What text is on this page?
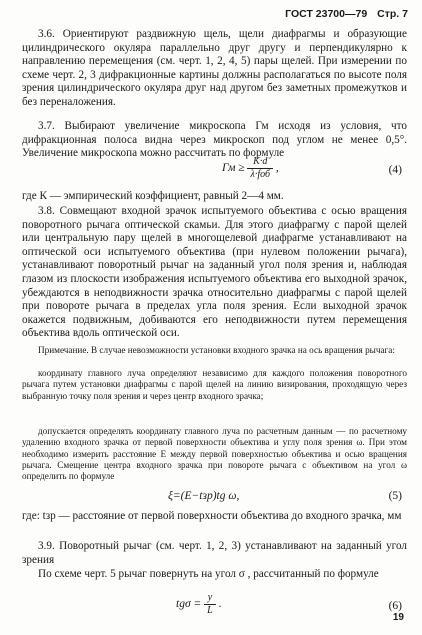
ГОСТ 23700—79 Стр. 7
3.6. Ориентируют раздвижную щель, щели диафрагмы и образующие цилиндрического окуляра параллельно друг другу и перпендикулярно к направлению перемещения (см. черт. 1, 2, 4, 5) пары щелей. При измерении по схеме черт. 2, 3 дифракционные картины должны располагаться по высоте поля зрения цилиндрического окуляра друг над другом без заметных промежутков и без переналожения.
3.7. Выбирают увеличение микроскопа Гм исходя из условия, что дифракционная полоса видна через микроскоп под углом не менее 0,5°. Увеличение микроскопа можно рассчитать по формуле
Гм ≥ $\frac{K\cdot d}{\text{λ·fоб}}$ ,	(4)
где К — эмпирический коэффициент, равный 2—4 мм.
3.8. Совмещают входной зрачок испытуемого объектива с осью вращения поворотного рычага оптической скамьи. Для этого диафрагму с парой щелей или центральную пару щелей в многощелевой диафрагме устанавливают на оптической оси испытуемого объектива (при нулевом положении рычага), устанавливают поворотный рычаг на заданный угол поля зрения и, наблюдая глазом из плоскости изображения испытуемого объектива его выходной зрачок, убеждаются в неподвижности зрачка относительно диафрагмы с парой щелей при повороте рычага в пределах угла поля зрения. Если выходной зрачок окажется подвижным, добиваются его неподвижности путем перемещения объектива вдоль оптической оси.
Примечание. В случае невозможности установки входного зрачка на ось вращения рычага:
координату главного луча определяют независимо для каждого положения поворотного рычага путем установки диафрагмы с парой щелей на линию визирования, проходящую через выбранную точку поля зрения и через центр входного зрачка;
допускается определять координату главного луча по расчетным данным — по расчетному удалению входного зрачка от первой поверхности объектива и углу поля зрения ω. При этом необходимо измерить расстояние Е между первой поверхностью объектива и осью вращения рычага. Смещение центра входного зрачка при повороте рычага с объективом на угол ω определить по формуле
ξ=(E−tзр)tg ω,	(5)
где: tзр — расстояние от первой поверхности объектива до входного зрачка, мм
3.9. Поворотный рычаг (см. черт. 1, 2, 3) устанавливают на заданный угол зрения
По схеме черт. 5 рычаг повернуть на угол σ , рассчитанный по формуле
$tg\sigma = \frac{y}{L}$ .	(6)
19
